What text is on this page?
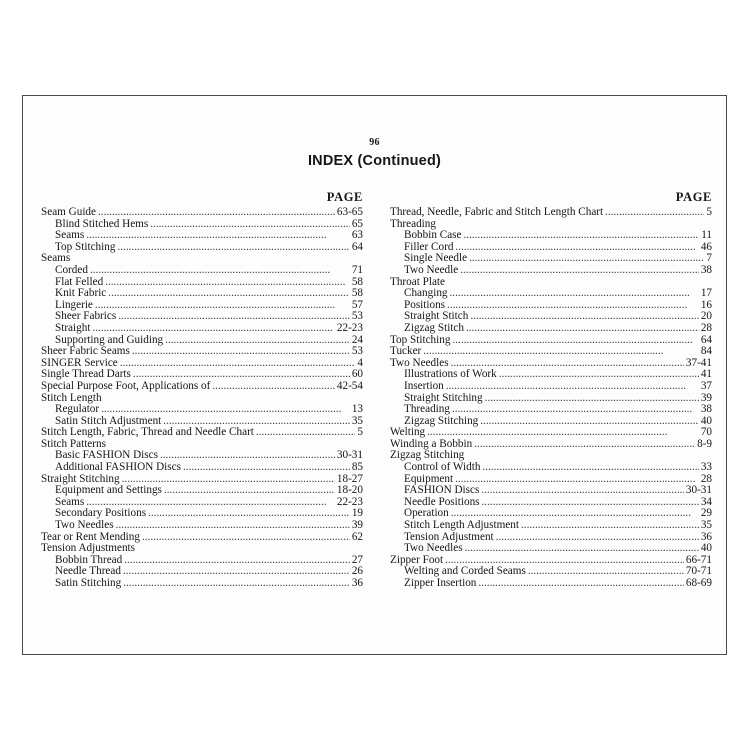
96
INDEX (Continued)
PAGE
Seam Guide . . .	63-65
Blind Stitched Hems . . .	65
Seams . . .	63
Top Stitching . . .	64
Seams
Corded . . .	71
Flat Felled . . .	58
Knit Fabric . . .	58
Lingerie . . .	57
Sheer Fabrics . . .	53
Straight . . .	22-23
Supporting and Guiding . . .	24
Sheer Fabric Seams . . .	53
SINGER Service . . .	4
Single Thread Darts . . .	60
Special Purpose Foot, Applications of . . .	42-54
Stitch Length
Regulator . . .	13
Satin Stitch Adjustment . . .	35
Stitch Length, Fabric, Thread and Needle Chart . . .	5
Stitch Patterns
Basic FASHION Discs . . .	30-31
Additional FASHION Discs . . .	85
Straight Stitching . . .	18-27
Equipment and Settings . . .	18-20
Seams . . .	22-23
Secondary Positions . . .	19
Two Needles . . .	39
Tear or Rent Mending . . .	62
Tension Adjustments
Bobbin Thread . . .	27
Needle Thread . . .	26
Satin Stitching . . .	36
PAGE
Thread, Needle, Fabric and Stitch Length Chart . . .	5
Threading
Bobbin Case . . .	11
Filler Cord . . .	46
Single Needle . . .	7
Two Needle . . .	38
Throat Plate
Changing . . .	17
Positions . . .	16
Straight Stitch . . .	20
Zigzag Stitch . . .	28
Top Stitching . . .	64
Tucker . . .	84
Two Needles . . .	37-41
Illustrations of Work . . .	41
Insertion . . .	37
Straight Stitching . . .	39
Threading . . .	38
Zigzag Stitching . . .	40
Welting . . .	70
Winding a Bobbin . . .	8-9
Zigzag Stitching
Control of Width . . .	33
Equipment . . .	28
FASHION Discs . . .	30-31
Needle Positions . . .	34
Operation . . .	29
Stitch Length Adjustment . . .	35
Tension Adjustment . . .	36
Two Needles . . .	40
Zipper Foot . . .	66-71
Welting and Corded Seams . . .	70-71
Zipper Insertion . . .	68-69
